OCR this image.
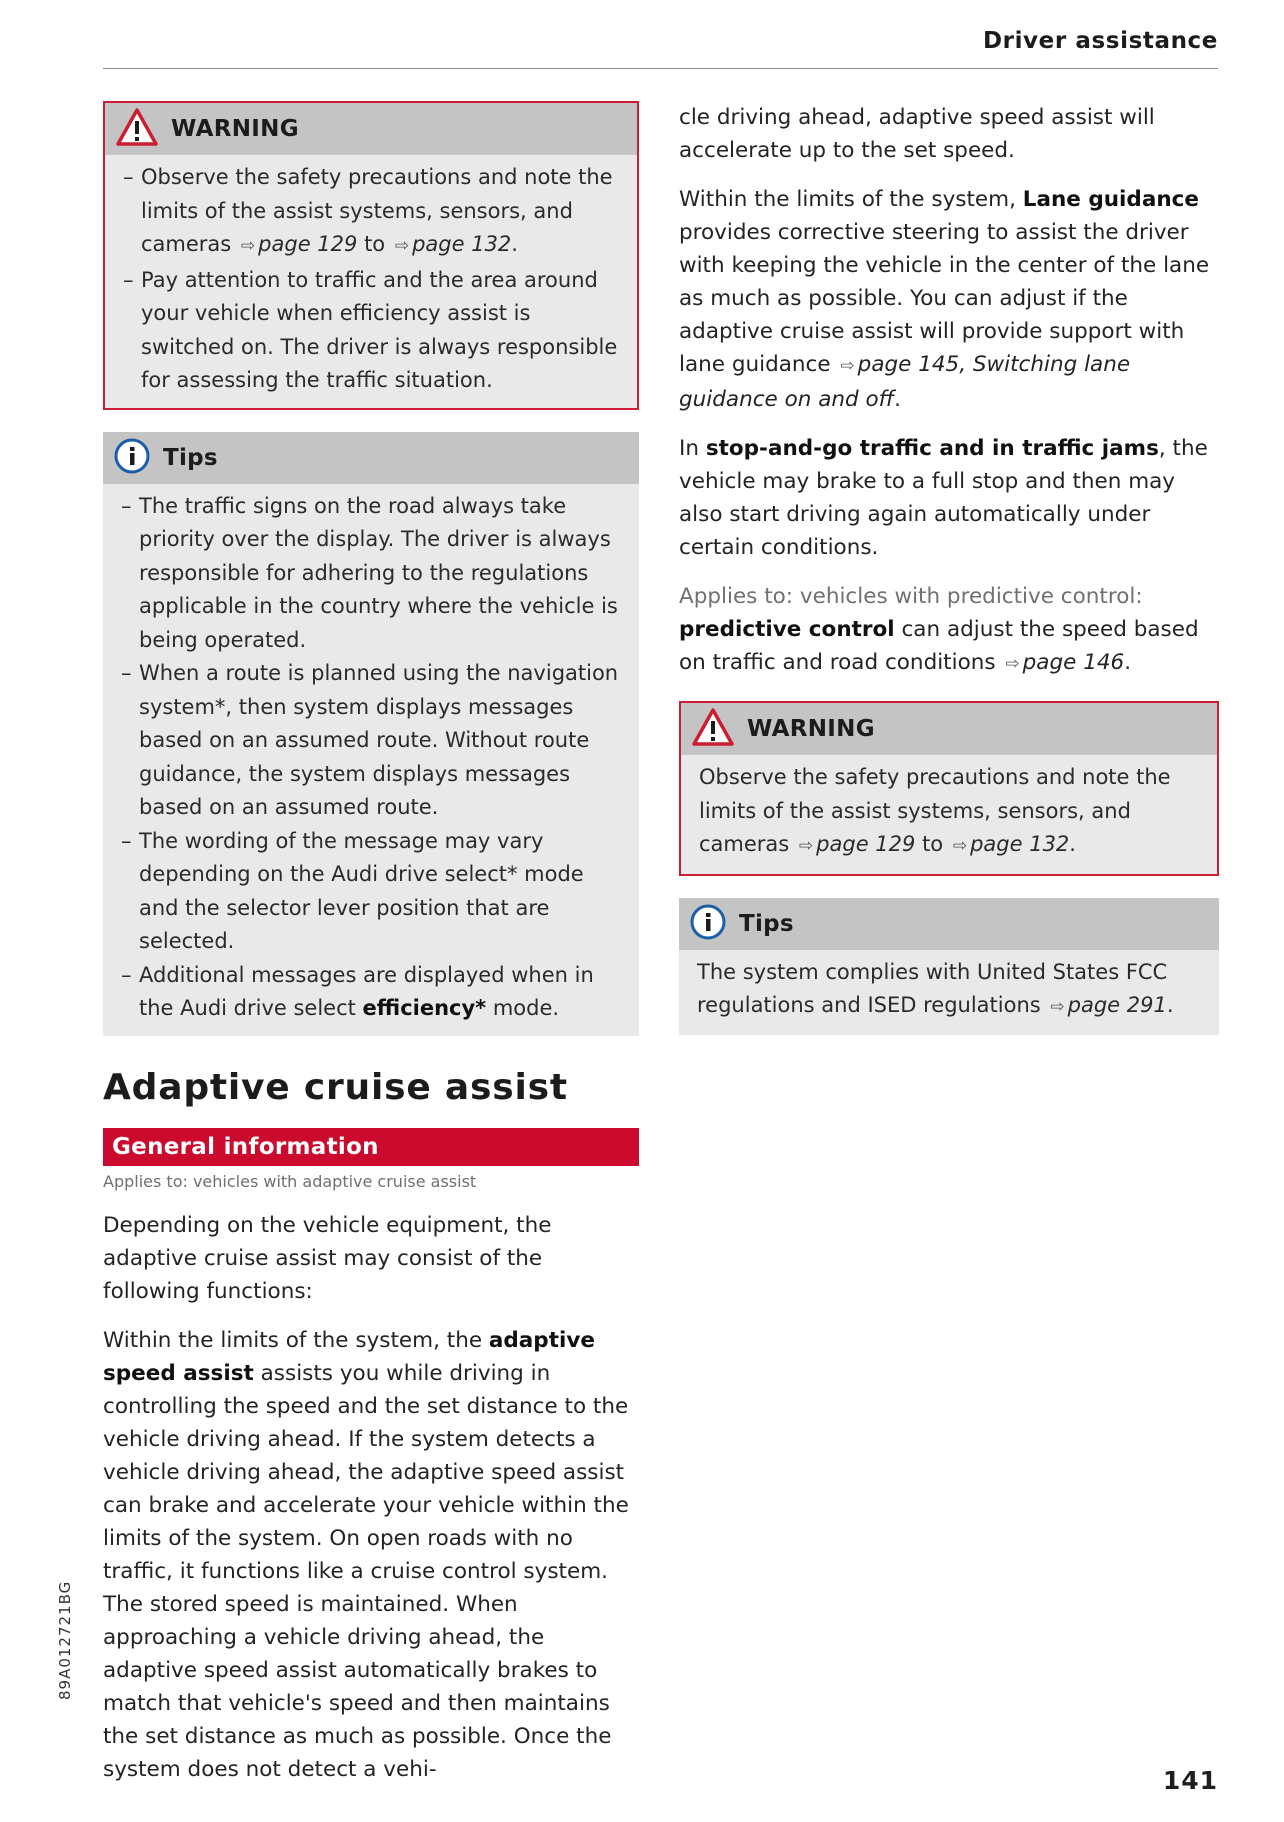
Driver assistance
WARNING
– Observe the safety precautions and note the limits of the assist systems, sensors, and cameras ⇨ page 129 to ⇨ page 132.
– Pay attention to traffic and the area around your vehicle when efficiency assist is switched on. The driver is always responsible for assessing the traffic situation.
Tips
– The traffic signs on the road always take priority over the display. The driver is always responsible for adhering to the regulations applicable in the country where the vehicle is being operated.
– When a route is planned using the navigation system*, then system displays messages based on an assumed route. Without route guidance, the system displays messages based on an assumed route.
– The wording of the message may vary depending on the Audi drive select* mode and the selector lever position that are selected.
– Additional messages are displayed when in the Audi drive select efficiency* mode.
Adaptive cruise assist
General information
Applies to: vehicles with adaptive cruise assist

Depending on the vehicle equipment, the adaptive cruise assist may consist of the following functions:

Within the limits of the system, the adaptive speed assist assists you while driving in controlling the speed and the set distance to the vehicle driving ahead. If the system detects a vehicle driving ahead, the adaptive speed assist can brake and accelerate your vehicle within the limits of the system. On open roads with no traffic, it functions like a cruise control system. The stored speed is maintained. When approaching a vehicle driving ahead, the adaptive speed assist automatically brakes to match that vehicle's speed and then maintains the set distance as much as possible. Once the system does not detect a vehi-

cle driving ahead, adaptive speed assist will accelerate up to the set speed.

Within the limits of the system, Lane guidance provides corrective steering to assist the driver with keeping the vehicle in the center of the lane as much as possible. You can adjust if the adaptive cruise assist will provide support with lane guidance ⇨ page 145, Switching lane guidance on and off.

In stop-and-go traffic and in traffic jams, the vehicle may brake to a full stop and then may also start driving again automatically under certain conditions.

Applies to: vehicles with predictive control: predictive control can adjust the speed based on traffic and road conditions ⇨ page 146.

WARNING
Observe the safety precautions and note the limits of the assist systems, sensors, and cameras ⇨ page 129 to ⇨ page 132.
Tips
The system complies with United States FCC regulations and ISED regulations ⇨ page 291.
141
89A012721BG
